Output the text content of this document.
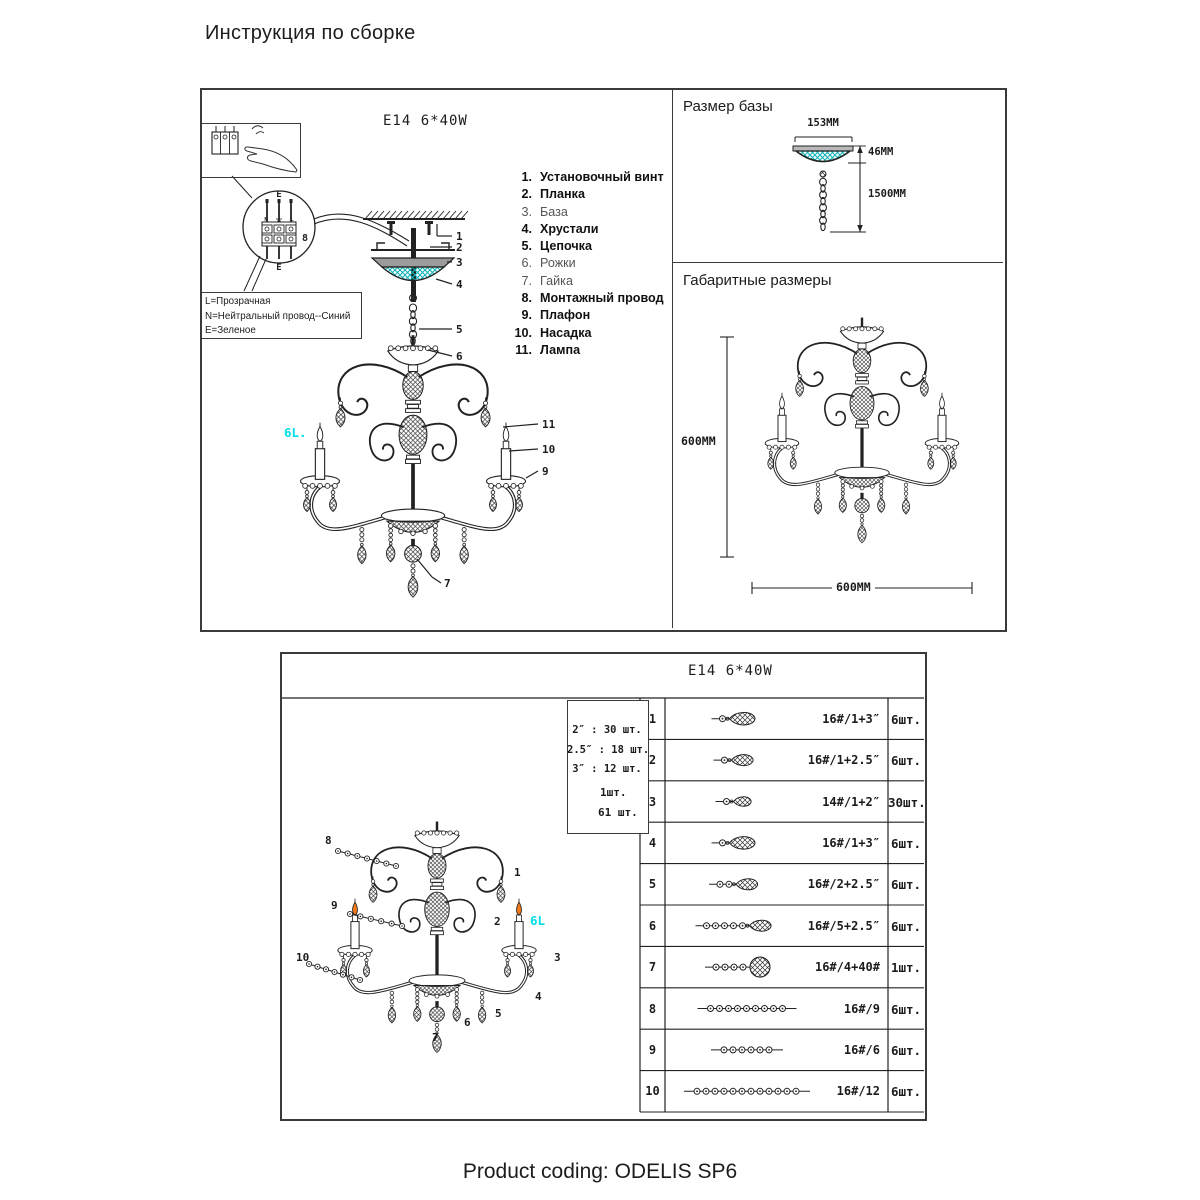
N	L
E
E
8
Инструкция по сборке
L=Прозрачная
N=Нейтральный провод--Синий
E=Зеленое
E14 6*40W
1. Установочный винт
2. Планка
3. База
4. Хрустали
5. Цепочка
6. Рожки
7. Гайка
8. Монтажный провод
9. Плафон
10. Насадка
11. Лампа
6L.
Размер базы
153MM
46MM
1500MM
Габаритные размеры
600MM
600MM
E14 6*40W
2″ : 30 шт.
2.5″ : 18 шт.
3″ : 12 шт.
1шт.
61 шт.
1	16#/1+3″ 6шт.
2	16#/1+2.5″ 6шт.
3	14#/1+2″ 30шт.
4	16#/1+3″ 6шт.
5	16#/2+2.5″ 6шт.
6	16#/5+2.5″ 6шт.
7	16#/4+40# 1шт.
8	16#/9 6шт.
9	16#/6 6шт.
10	16#/12 6шт.
6L
1
2
3
4
5
6
7
9
10
11
1
2
3
4
5
6
7
8
9
10
Product coding: ODELIS SP6
